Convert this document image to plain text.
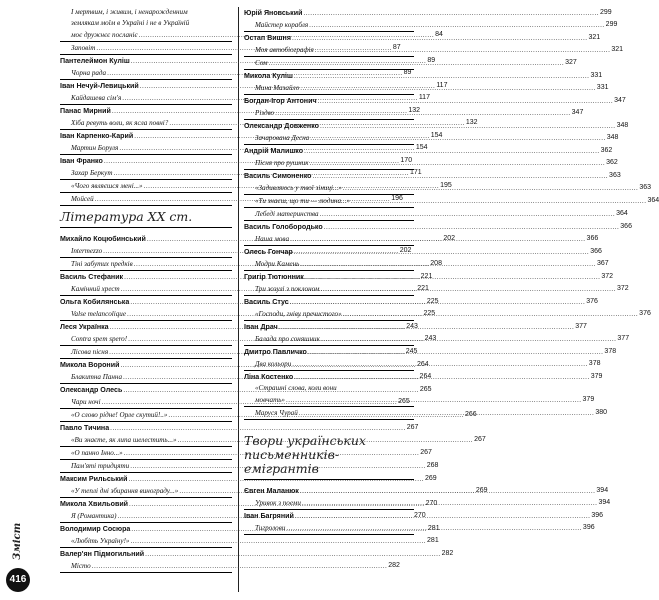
І мертвим, і живим, і ненарожденним
землякам моїм в Україні і не в Україній
моє дружнєє посланіє .....	84
Заповіт .....	87
Пантелеймон Куліш .....	89
Чорна рада .....	89
Іван Нечуй-Левицький .....	117
Кайдашева сім'я .....	117
Панас Мирний .....	132
Хіба ревуть воли, як ясла повні? .....	132
Іван Карпенко-Карий .....	154
Мартин Боруля .....	154
Іван Франко .....	170
Захар Беркут .....	171
«Чого являєшся мені...» .....	195
Мойсей .....	196
Література XX ст.
Михайло Коцюбинський .....	202
Intermezzo .....	202
Тіні забутих предків .....	208
Василь Стефаник .....	221
Камінний хрест .....	221
Ольга Кобилянська .....	225
Valse melancolique .....	225
Леся Українка .....	243
Contra spem spero! .....	243
Лісова пісня .....	245
Микола Вороний .....	264
Блакитна Панна .....	264
Олександр Олесь .....	265
Чари ночі .....	265
«О слово рідне! Орле скутий!..» .....	266
Павло Тичина .....	267
«Ви знаєте, як липа шелестить...» .....	267
«О панно Інно...» .....	267
Пам'яті тридцяти .....	268
Максим Рильський .....	269
«У теплі дні збирання винограду...» .....	269
Микола Хвильовий .....	270
Я (Романтика) .....	270
Володимир Сосюра .....	281
«Любіть Україну!» .....	281
Валер'ян Підмогильний .....	282
Місто .....	282
Юрій Яновський .....	299
Майстер корабля .....	299
Остап Вишня .....	321
Моя автобіографія .....	321
Сом .....	327
Микола Куліш .....	331
Мина Мазайло .....	331
Богдан-Ігор Антонич .....	347
Різдво .....	347
Олександр Довженко .....	348
Зачарована Десна .....	348
Андрій Малишко .....	362
Пісня про рушник .....	362
Василь Симоненко .....	363
«Задивляюсь у твої зіниці...» .....	363
«Ти знаєш, що ти — людина...» .....	364
Лебеді материнства .....	364
Василь Голобородько .....	366
Наша мова .....	366
Олесь Гончар .....	366
Модри Камень .....	367
Григір Тютюнник .....	372
Три зозулі з поклоном .....	372
Василь Стус .....	376
«Господи, гніву пречистого» .....	376
Іван Драч .....	377
Балада про соняшник .....	377
Дмитро Павличко .....	378
Два кольори .....	378
Ліна Костенко .....	379
«Страшні слова, коли вони
мовчать» .....	379
Маруся Чурай .....	380
Твори українських письменників-емігрантів
Євген Маланюк .....	394
Уривок з поеми .....	394
Іван Багряний .....	396
Тигролови .....	396
Зміст
416
